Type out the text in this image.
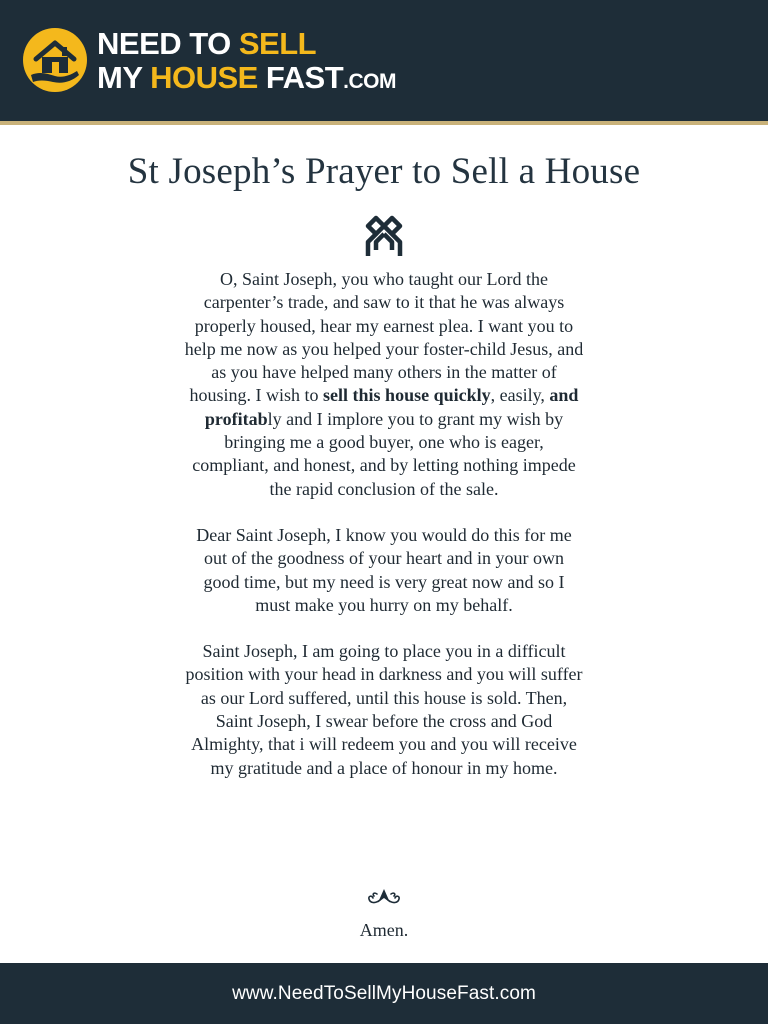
NEED TO SELL
MY HOUSE FAST.COM
St Joseph’s Prayer to Sell a House

O, Saint Joseph, you who taught our Lord the carpenter’s trade, and saw to it that he was always properly housed, hear my earnest plea. I want you to help me now as you helped your foster-child Jesus, and as you have helped many others in the matter of housing. I wish to sell this house quickly, easily, and profitably and I implore you to grant my wish by bringing me a good buyer, one who is eager, compliant, and honest, and by letting nothing impede the rapid conclusion of the sale.

Dear Saint Joseph, I know you would do this for me out of the goodness of your heart and in your own good time, but my need is very great now and so I must make you hurry on my behalf.

Saint Joseph, I am going to place you in a difficult position with your head in darkness and you will suffer as our Lord suffered, until this house is sold. Then, Saint Joseph, I swear before the cross and God Almighty, that i will redeem you and you will receive my gratitude and a place of honour in my home.

Amen.

www.NeedToSellMyHouseFast.com
